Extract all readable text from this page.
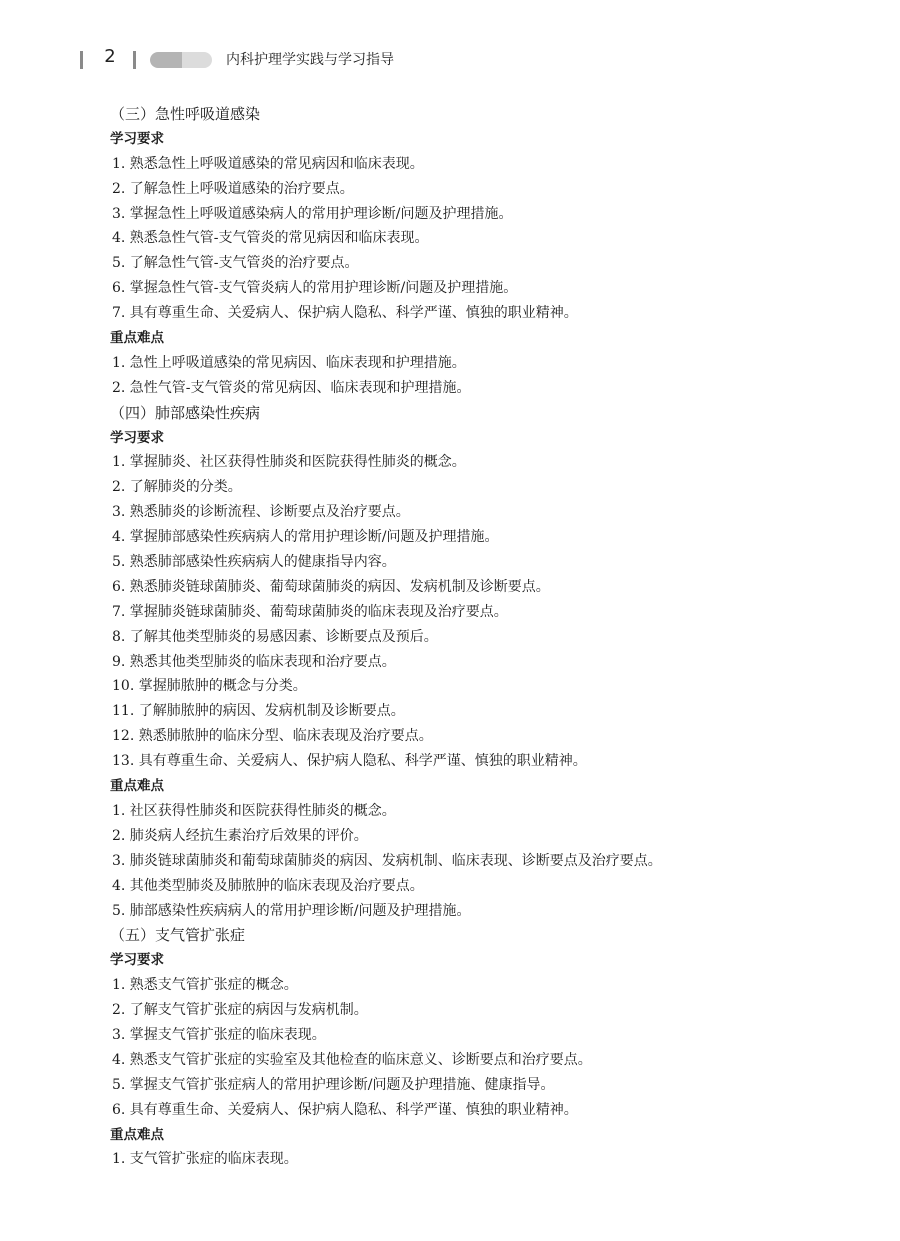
2	内科护理学实践与学习指导
（三）急性呼吸道感染
学习要求
1. 熟悉急性上呼吸道感染的常见病因和临床表现。
2. 了解急性上呼吸道感染的治疗要点。
3. 掌握急性上呼吸道感染病人的常用护理诊断/问题及护理措施。
4. 熟悉急性气管-支气管炎的常见病因和临床表现。
5. 了解急性气管-支气管炎的治疗要点。
6. 掌握急性气管-支气管炎病人的常用护理诊断/问题及护理措施。
7. 具有尊重生命、关爱病人、保护病人隐私、科学严谨、慎独的职业精神。
重点难点
1. 急性上呼吸道感染的常见病因、临床表现和护理措施。
2. 急性气管-支气管炎的常见病因、临床表现和护理措施。
（四）肺部感染性疾病
学习要求
1. 掌握肺炎、社区获得性肺炎和医院获得性肺炎的概念。
2. 了解肺炎的分类。
3. 熟悉肺炎的诊断流程、诊断要点及治疗要点。
4. 掌握肺部感染性疾病病人的常用护理诊断/问题及护理措施。
5. 熟悉肺部感染性疾病病人的健康指导内容。
6. 熟悉肺炎链球菌肺炎、葡萄球菌肺炎的病因、发病机制及诊断要点。
7. 掌握肺炎链球菌肺炎、葡萄球菌肺炎的临床表现及治疗要点。
8. 了解其他类型肺炎的易感因素、诊断要点及预后。
9. 熟悉其他类型肺炎的临床表现和治疗要点。
10. 掌握肺脓肿的概念与分类。
11. 了解肺脓肿的病因、发病机制及诊断要点。
12. 熟悉肺脓肿的临床分型、临床表现及治疗要点。
13. 具有尊重生命、关爱病人、保护病人隐私、科学严谨、慎独的职业精神。
重点难点
1. 社区获得性肺炎和医院获得性肺炎的概念。
2. 肺炎病人经抗生素治疗后效果的评价。
3. 肺炎链球菌肺炎和葡萄球菌肺炎的病因、发病机制、临床表现、诊断要点及治疗要点。
4. 其他类型肺炎及肺脓肿的临床表现及治疗要点。
5. 肺部感染性疾病病人的常用护理诊断/问题及护理措施。
（五）支气管扩张症
学习要求
1. 熟悉支气管扩张症的概念。
2. 了解支气管扩张症的病因与发病机制。
3. 掌握支气管扩张症的临床表现。
4. 熟悉支气管扩张症的实验室及其他检查的临床意义、诊断要点和治疗要点。
5. 掌握支气管扩张症病人的常用护理诊断/问题及护理措施、健康指导。
6. 具有尊重生命、关爱病人、保护病人隐私、科学严谨、慎独的职业精神。
重点难点
1. 支气管扩张症的临床表现。
